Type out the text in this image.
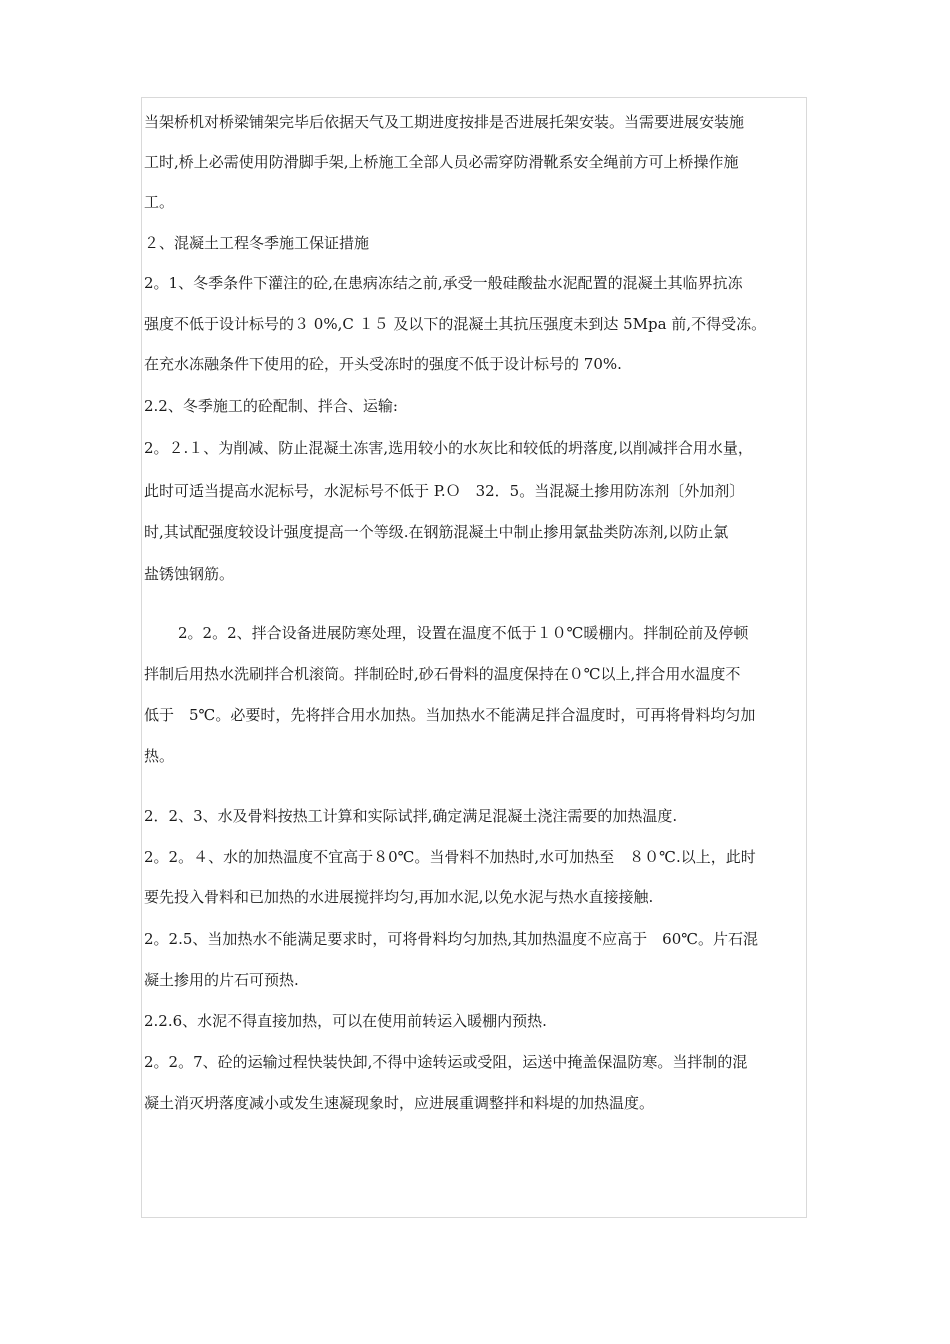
当架桥机对桥梁铺架完毕后依据天气及工期进度按排是否进展托架安装。当需要进展安装施
工时,桥上必需使用防滑脚手架,上桥施工全部人员必需穿防滑靴系安全绳前方可上桥操作施
工。
２、混凝土工程冬季施工保证措施
2。1、冬季条件下灌注的砼,在患病冻结之前,承受一般硅酸盐水泥配置的混凝土其临界抗冻
强度不低于设计标号的３ 0%,C １５ 及以下的混凝土其抗压强度未到达 5Mpa 前,不得受冻。
在充水冻融条件下使用的砼，开头受冻时的强度不低于设计标号的 70%.
2.2、冬季施工的砼配制、拌合、运输:
2。２.１、为削减、防止混凝土冻害,选用较小的水灰比和较低的坍落度,以削减拌合用水量，
此时可适当提高水泥标号，水泥标号不低于 P.Ｏ　32．5。当混凝土掺用防冻剂〔外加剂〕
时,其试配强度较设计强度提高一个等级.在钢筋混凝土中制止掺用氯盐类防冻剂,以防止氯
盐锈蚀钢筋。
2。2。2、拌合设备进展防寒处理，设置在温度不低于１０℃暖棚内。拌制砼前及停顿
拌制后用热水洗刷拌合机滚筒。拌制砼时,砂石骨料的温度保持在０℃以上,拌合用水温度不
低于　5℃。必要时，先将拌合用水加热。当加热水不能满足拌合温度时，可再将骨料均匀加
热。
2．2、3、水及骨料按热工计算和实际试拌,确定满足混凝土浇注需要的加热温度.
2。2。４、水的加热温度不宜高于８0℃。当骨料不加热时,水可加热至　８０℃.以上，此时
要先投入骨料和已加热的水进展搅拌均匀,再加水泥,以免水泥与热水直接接触.
2。2.5、当加热水不能满足要求时，可将骨料均匀加热,其加热温度不应高于　60℃。片石混
凝土掺用的片石可预热.
2.2.6、水泥不得直接加热，可以在使用前转运入暖棚内预热.
2。2。7、砼的运输过程快装快卸,不得中途转运或受阻，运送中掩盖保温防寒。当拌制的混
凝土消灭坍落度减小或发生速凝现象时，应进展重调整拌和料堤的加热温度。
